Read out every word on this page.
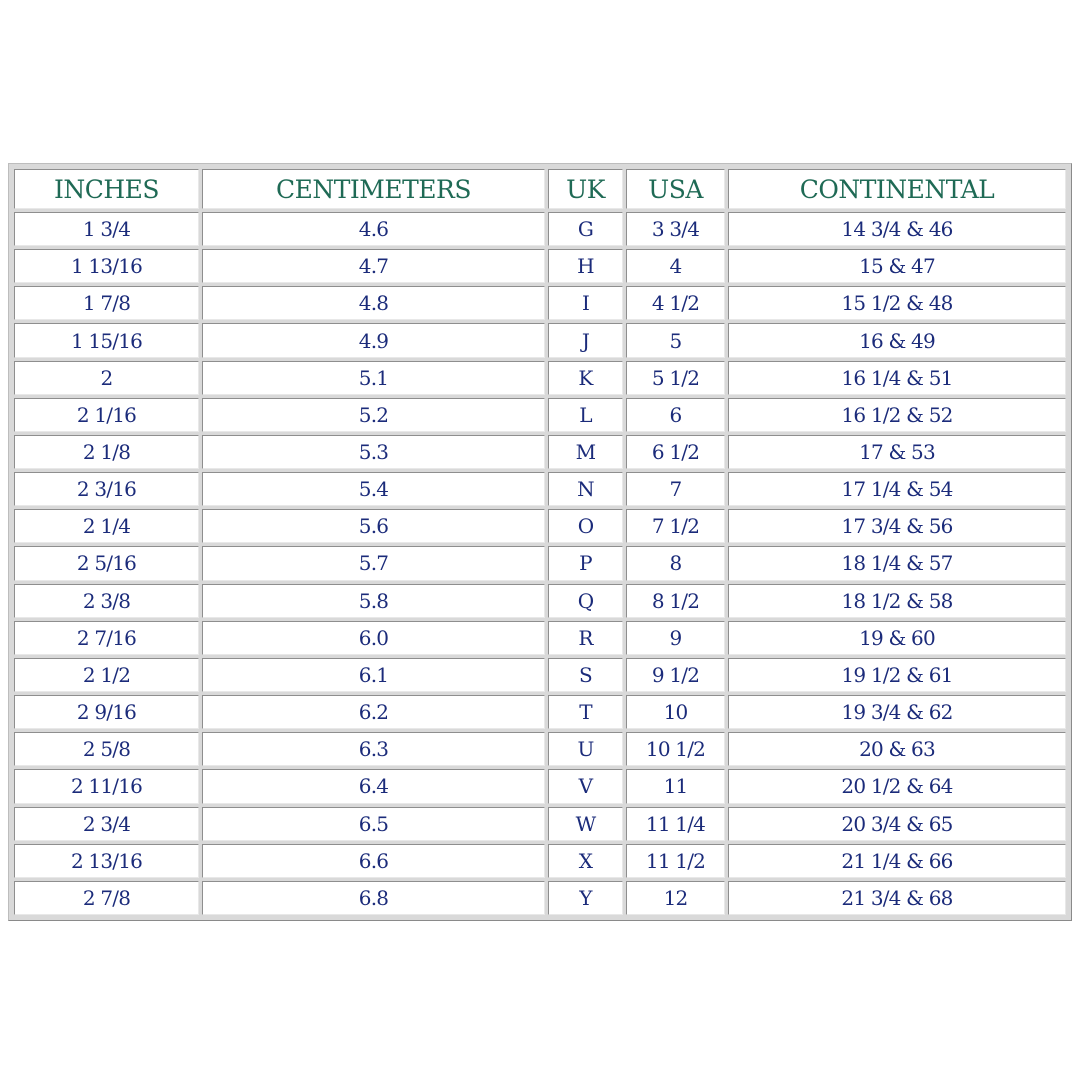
INCHES	CENTIMETERS	UK	USA	CONTINENTAL
1 3/4	4.6	G	3 3/4	14 3/4 & 46
1 13/16	4.7	H	4	15 & 47
1 7/8	4.8	I	4 1/2	15 1/2 & 48
1 15/16	4.9	J	5	16 & 49
2	5.1	K	5 1/2	16 1/4 & 51
2 1/16	5.2	L	6	16 1/2 & 52
2 1/8	5.3	M	6 1/2	17 & 53
2 3/16	5.4	N	7	17 1/4 & 54
2 1/4	5.6	O	7 1/2	17 3/4 & 56
2 5/16	5.7	P	8	18 1/4 & 57
2 3/8	5.8	Q	8 1/2	18 1/2 & 58
2 7/16	6.0	R	9	19 & 60
2 1/2	6.1	S	9 1/2	19 1/2 & 61
2 9/16	6.2	T	10	19 3/4 & 62
2 5/8	6.3	U	10 1/2	20 & 63
2 11/16	6.4	V	11	20 1/2 & 64
2 3/4	6.5	W	11 1/4	20 3/4 & 65
2 13/16	6.6	X	11 1/2	21 1/4 & 66
2 7/8	6.8	Y	12	21 3/4 & 68
